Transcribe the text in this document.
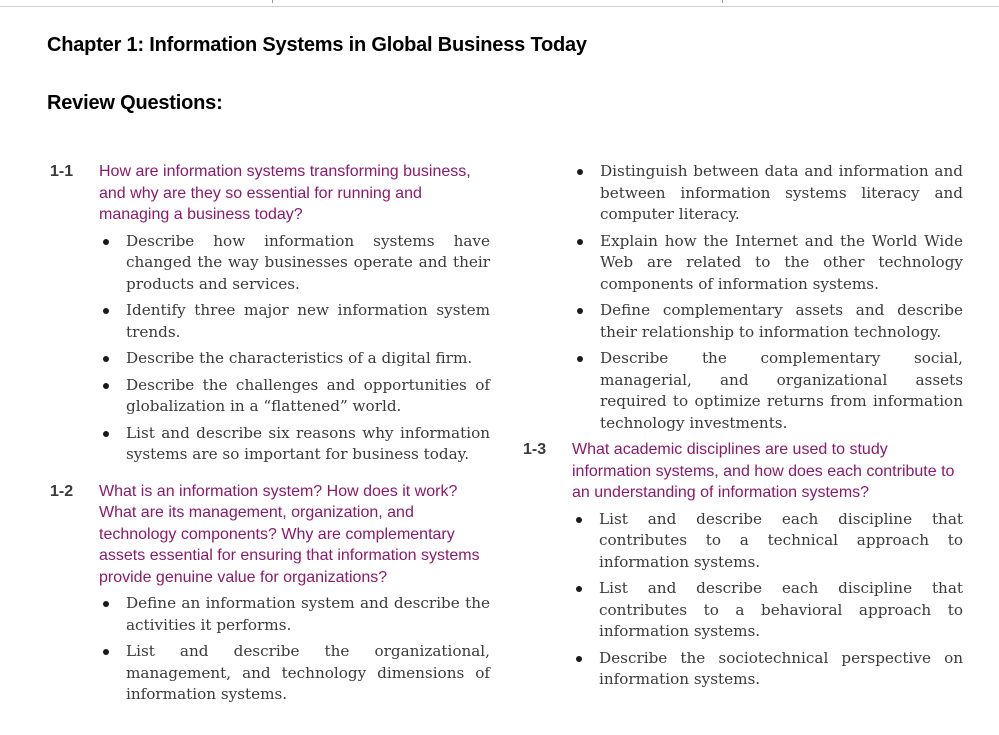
Chapter 1: Information Systems in Global Business Today
Review Questions:
1-1	How are information systems transforming business, and why are they so essential for running and managing a business today?

Describe how information systems have changed the way businesses operate and their products and services.
Identify three major new information system trends.
Describe the characteristics of a digital firm.
Describe the challenges and opportunities of globalization in a “flattened” world.
List and describe six reasons why information systems are so important for business today.
1-2	What is an information system? How does it work? What are its management, organization, and technology components? Why are complementary assets essential for ensuring that information systems provide genuine value for organizations?

Define an information system and describe the activities it performs.
List and describe the organizational, management, and technology dimensions of information systems.
Distinguish between data and information and between information systems literacy and computer literacy.
Explain how the Internet and the World Wide Web are related to the other technology components of information systems.
Define complementary assets and describe their relationship to information technology.
Describe the complementary social, managerial, and organizational assets required to optimize returns from information technology investments.
1-3	What academic disciplines are used to study information systems, and how does each contribute to an understanding of information systems?

List and describe each discipline that contributes to a technical approach to information systems.
List and describe each discipline that contributes to a behavioral approach to information systems.
Describe the sociotechnical perspective on information systems.
